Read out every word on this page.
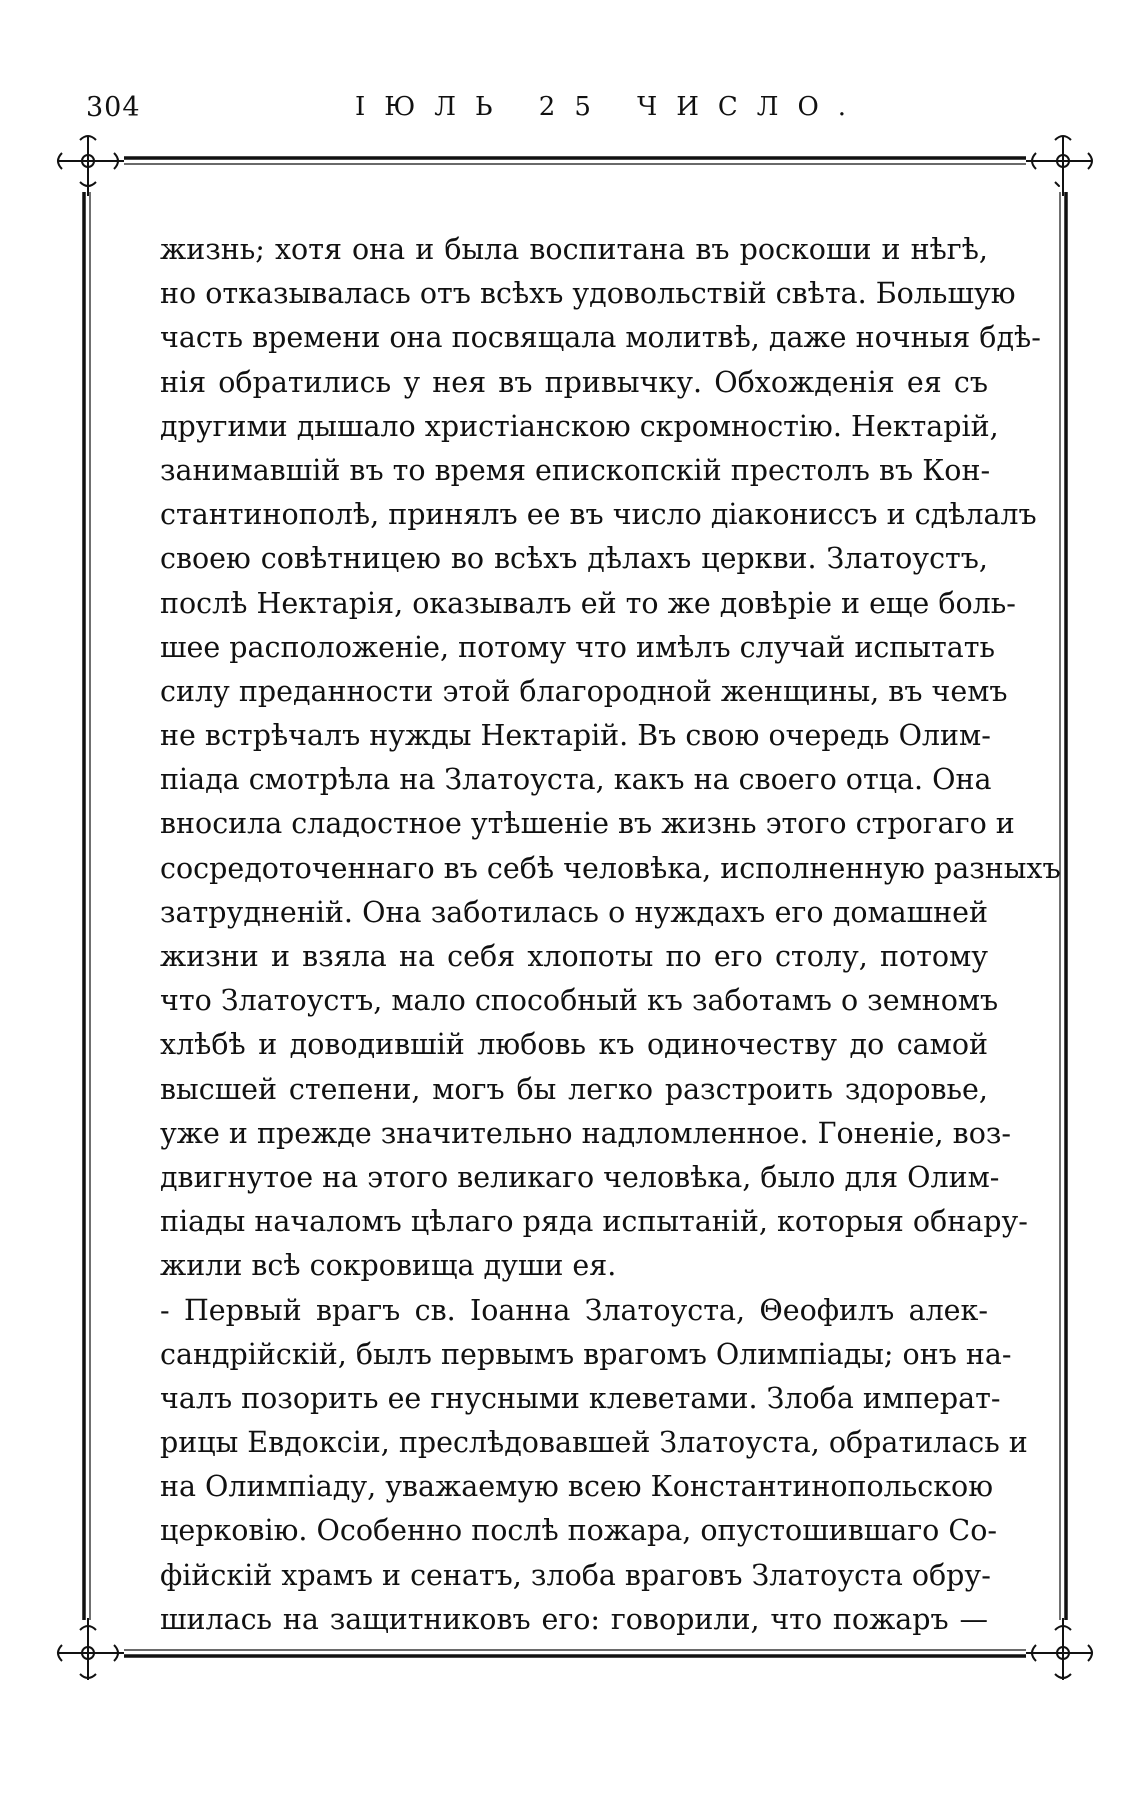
304	ІЮЛЬ 25 ЧИСЛО.
жизнь; хотя она и была воспитана въ роскоши и нѣгѣ,
но отказывалась отъ всѣхъ удовольствій свѣта. Большую
часть времени она посвящала молитвѣ, даже ночныя бдѣ-
нія обратились у нея въ привычку. Обхожденія ея съ
другими дышало христіанскою скромностію. Нектарій,
занимавшій въ то время епископскій престолъ въ Кон-
стантинополѣ, принялъ ее въ число діакониссъ и сдѣлалъ
своею совѣтницею во всѣхъ дѣлахъ церкви. Златоустъ,
послѣ Нектарія, оказывалъ ей то же довѣріе и еще боль-
шее расположеніе, потому что имѣлъ случай испытать
силу преданности этой благородной женщины, въ чемъ
не встрѣчалъ нужды Нектарій. Въ свою очередь Олим-
піада смотрѣла на Златоуста, какъ на своего отца. Она
вносила сладостное утѣшеніе въ жизнь этого строгаго и
сосредоточеннаго въ себѣ человѣка, исполненную разныхъ
затрудненій. Она заботилась о нуждахъ его домашней
жизни и взяла на себя хлопоты по его столу, потому
что Златоустъ, мало способный къ заботамъ о земномъ
хлѣбѣ и доводившій любовь къ одиночеству до самой
высшей степени, могъ бы легко разстроить здоровье,
уже и прежде значительно надломленное. Гоненіе, воз-
двигнутое на этого великаго человѣка, было для Олим-
піады началомъ цѣлаго ряда испытаній, которыя обнару-
жили всѣ сокровища души ея.
- Первый врагъ св. Іоанна Златоуста, Θеофилъ алек-
сандрійскій, былъ первымъ врагомъ Олимпіады; онъ на-
чалъ позорить ее гнусными клеветами. Злоба императ-
рицы Евдоксіи, преслѣдовавшей Златоуста, обратилась и
на Олимпіаду, уважаемую всею Константинопольскою
церковію. Особенно послѣ пожара, опустошившаго Со-
фійскій храмъ и сенатъ, злоба враговъ Златоуста обру-
шилась на защитниковъ его: говорили, что пожаръ —
